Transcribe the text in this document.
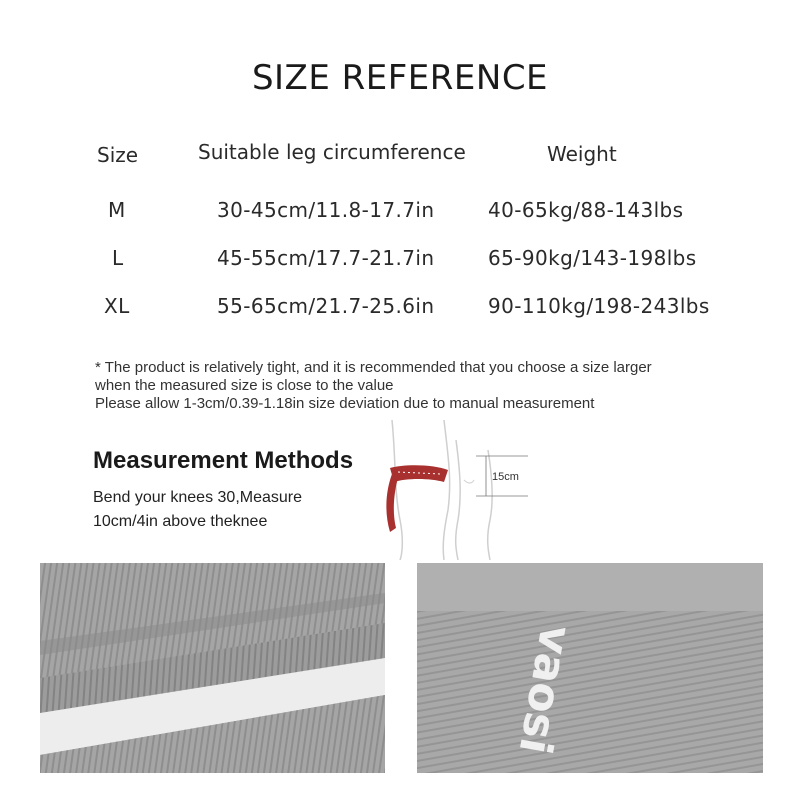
SIZE REFERENCE
Size	Suitable leg circumference	Weight
M	30-45cm/11.8-17.7in	40-65kg/88-143lbs
L	45-55cm/17.7-21.7in	65-90kg/143-198lbs
XL	55-65cm/21.7-25.6in	90-110kg/198-243lbs
* The product is relatively tight, and it is recommended that you choose a size larger
when the measured size is close to the value
Please allow 1-3cm/0.39-1.18in size deviation due to manual measurement
Measurement Methods
Bend your knees 30,Measure
10cm/4in above theknee
15cm
vaosi
